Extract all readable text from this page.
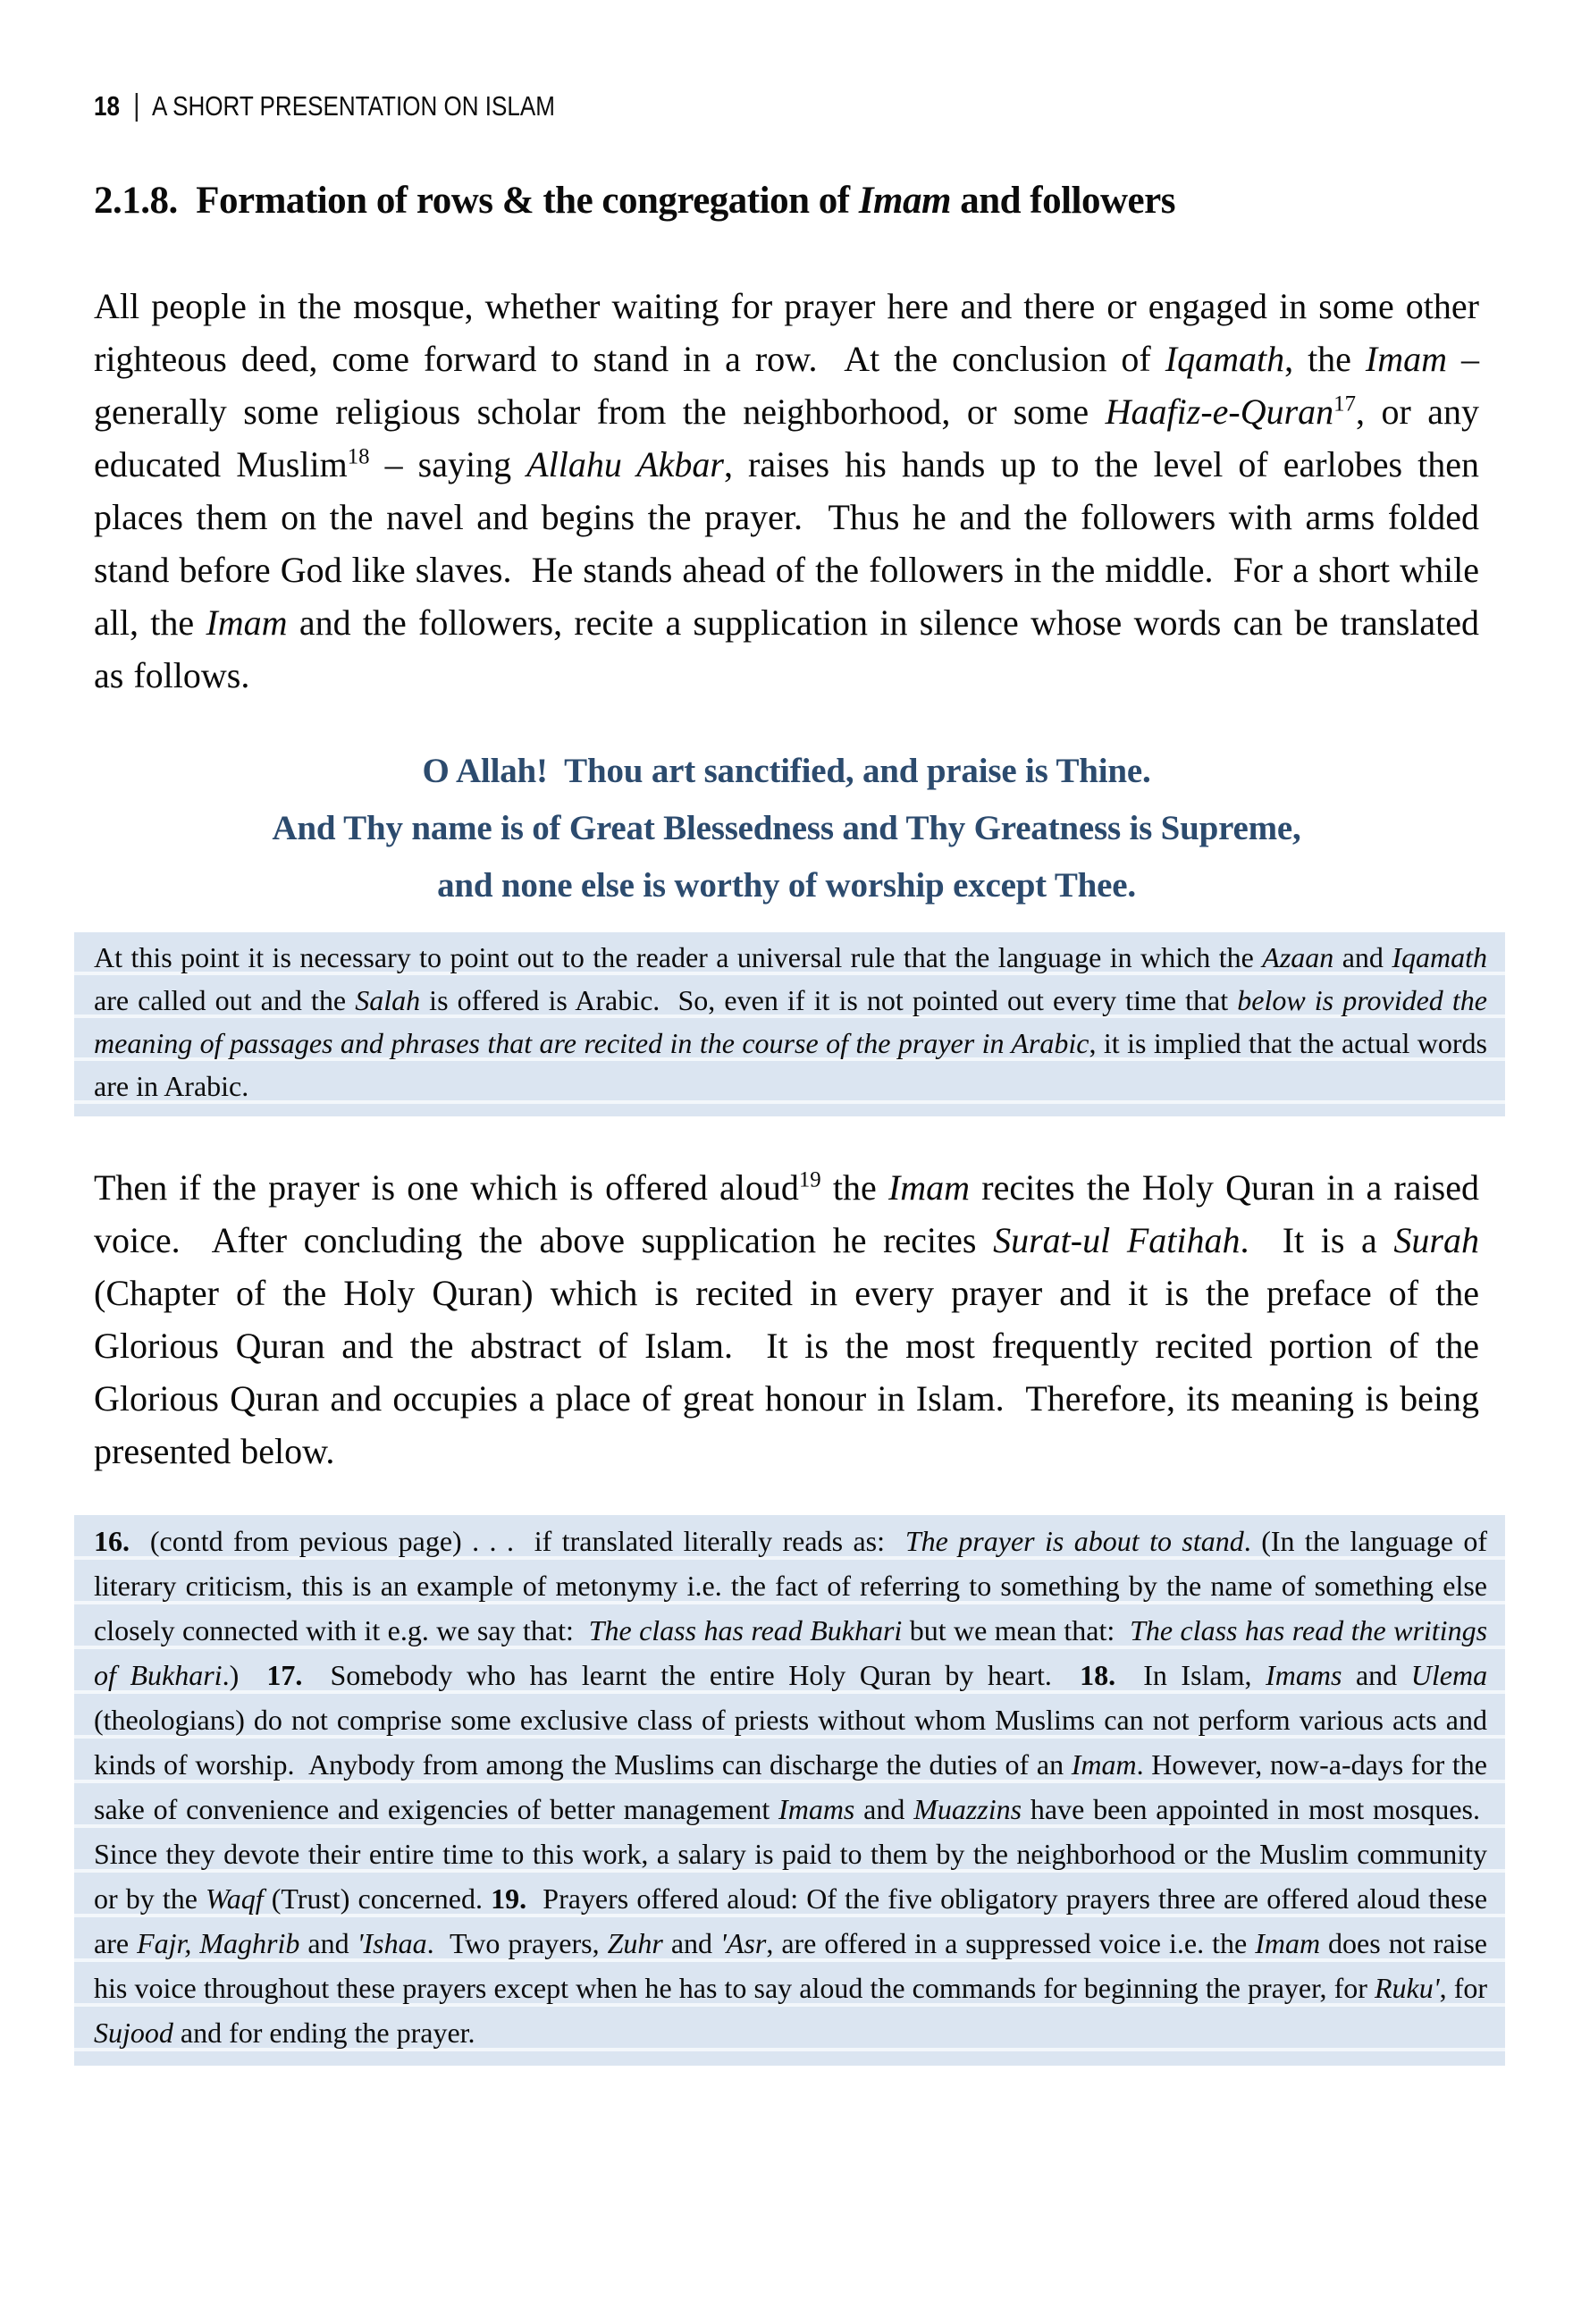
18 | A SHORT PRESENTATION ON ISLAM
2.1.8.  Formation of rows & the congregation of Imam and followers

All people in the mosque, whether waiting for prayer here and there or engaged in some other righteous deed, come forward to stand in a row.  At the conclusion of Iqamath, the Imam – generally some religious scholar from the neighborhood, or some Haafiz-e-Quran$^{17}$, or any educated Muslim$^{18}$ – saying Allahu Akbar, raises his hands up to the level of earlobes then places them on the navel and begins the prayer.  Thus he and the followers with arms folded stand before God like slaves.  He stands ahead of the followers in the middle.  For a short while all, the Imam and the followers, recite a supplication in silence whose words can be translated as follows.

O Allah!  Thou art sanctified, and praise is Thine.
And Thy name is of Great Blessedness and Thy Greatness is Supreme,
and none else is worthy of worship except Thee.
At this point it is necessary to point out to the reader a universal rule that the language in which the Azaan and Iqamath are called out and the Salah is offered is Arabic.  So, even if it is not pointed out every time that below is provided the meaning of passages and phrases that are recited in the course of the prayer in Arabic, it is implied that the actual words are in Arabic.

Then if the prayer is one which is offered aloud$^{19}$ the Imam recites the Holy Quran in a raised voice.  After concluding the above supplication he recites Surat-ul Fatihah.  It is a Surah (Chapter of the Holy Quran) which is recited in every prayer and it is the preface of the Glorious Quran and the abstract of Islam.  It is the most frequently recited portion of the Glorious Quran and occupies a place of great honour in Islam.  Therefore, its meaning is being presented below.

16.  (contd from pevious page) . . .  if translated literally reads as:  The prayer is about to stand. (In the language of literary criticism, this is an example of metonymy i.e. the fact of referring to something by the name of something else closely connected with it e.g. we say that:  The class has read Bukhari but we mean that:  The class has read the writings of Bukhari.)  17.  Somebody who has learnt the entire Holy Quran by heart.  18.  In Islam, Imams and Ulema (theologians) do not comprise some exclusive class of priests without whom Muslims can not perform various acts and kinds of worship.  Anybody from among the Muslims can discharge the duties of an Imam. However, now-a-days for the sake of convenience and exigencies of better management Imams and Muazzins have been appointed in most mosques.  Since they devote their entire time to this work, a salary is paid to them by the neighborhood or the Muslim community or by the Waqf (Trust) concerned. 19.  Prayers offered aloud: Of the five obligatory prayers three are offered aloud these are Fajr, Maghrib and 'Ishaa.  Two prayers, Zuhr and 'Asr, are offered in a suppressed voice i.e. the Imam does not raise his voice throughout these prayers except when he has to say aloud the commands for beginning the prayer, for Ruku', for Sujood and for ending the prayer.
